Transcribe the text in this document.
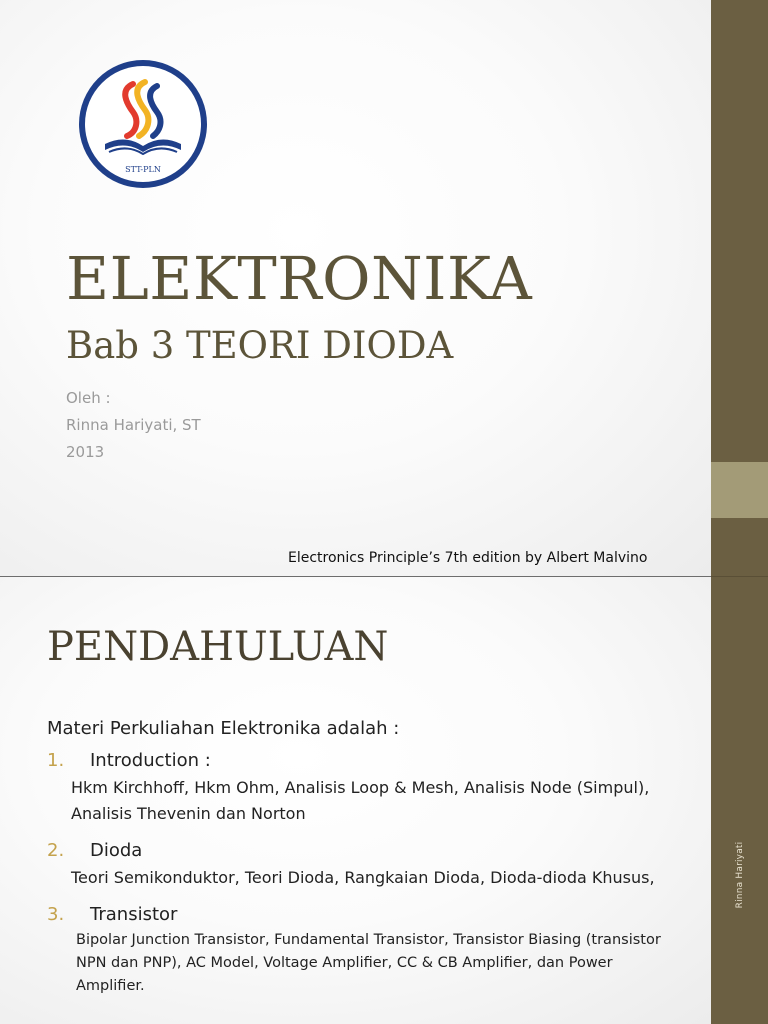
STT-PLN
ELEKTRONIKA
Bab 3 TEORI DIODA
Oleh :
Rinna Hariyati, ST
2013
Electronics Principle’s 7th edition by Albert Malvino
PENDAHULUAN
Materi Perkuliahan Elektronika adalah :
1.	Introduction :
Hkm Kirchhoff, Hkm Ohm, Analisis Loop & Mesh, Analisis Node (Simpul), Analisis Thevenin dan Norton
2.	Dioda
Teori Semikonduktor, Teori Dioda, Rangkaian Dioda, Dioda-dioda Khusus,
3.	Transistor
Bipolar Junction Transistor, Fundamental Transistor, Transistor Biasing (transistor NPN dan PNP), AC Model, Voltage Amplifier, CC & CB Amplifier, dan Power Amplifier.
Rinna Hariyati
